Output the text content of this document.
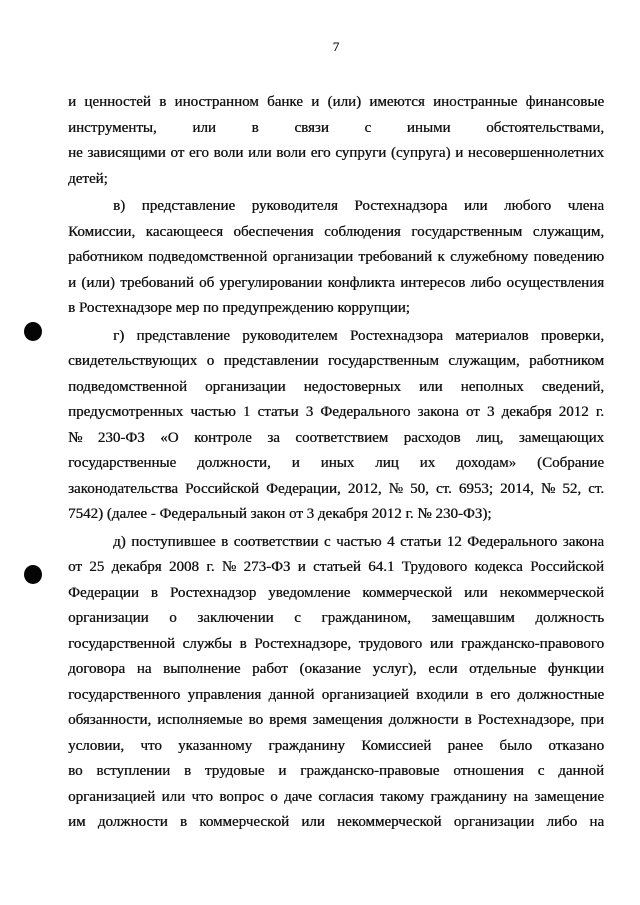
7
и ценностей в иностранном банке и (или) имеются иностранные финансовые
инструменты, или в связи с иными обстоятельствами,
не зависящими от его воли или воли его супруги (супруга) и несовершеннолетних
детей;
в) представление руководителя Ростехнадзора или любого члена
Комиссии, касающееся обеспечения соблюдения государственным служащим,
работником подведомственной организации требований к служебному поведению
и (или) требований об урегулировании конфликта интересов либо осуществления
в Ростехнадзоре мер по предупреждению коррупции;
г) представление руководителем Ростехнадзора материалов проверки,
свидетельствующих о представлении государственным служащим, работником
подведомственной организации недостоверных или неполных сведений,
предусмотренных частью 1 статьи 3 Федерального закона от 3 декабря 2012 г.
№ 230-ФЗ «О контроле за соответствием расходов лиц, замещающих
государственные должности, и иных лиц их доходам» (Собрание
законодательства Российской Федерации, 2012, № 50, ст. 6953; 2014, № 52, ст.
7542) (далее - Федеральный закон от 3 декабря 2012 г. № 230-ФЗ);
д) поступившее в соответствии с частью 4 статьи 12 Федерального закона
от 25 декабря 2008 г. № 273-ФЗ и статьей 64.1 Трудового кодекса Российской
Федерации в Ростехнадзор уведомление коммерческой или некоммерческой
организации о заключении с гражданином, замещавшим должность
государственной службы в Ростехнадзоре, трудового или гражданско-правового
договора на выполнение работ (оказание услуг), если отдельные функции
государственного управления данной организацией входили в его должностные
обязанности, исполняемые во время замещения должности в Ростехнадзоре, при
условии, что указанному гражданину Комиссией ранее было отказано
во вступлении в трудовые и гражданско-правовые отношения с данной
организацией или что вопрос о даче согласия такому гражданину на замещение
им должности в коммерческой или некоммерческой организации либо на
